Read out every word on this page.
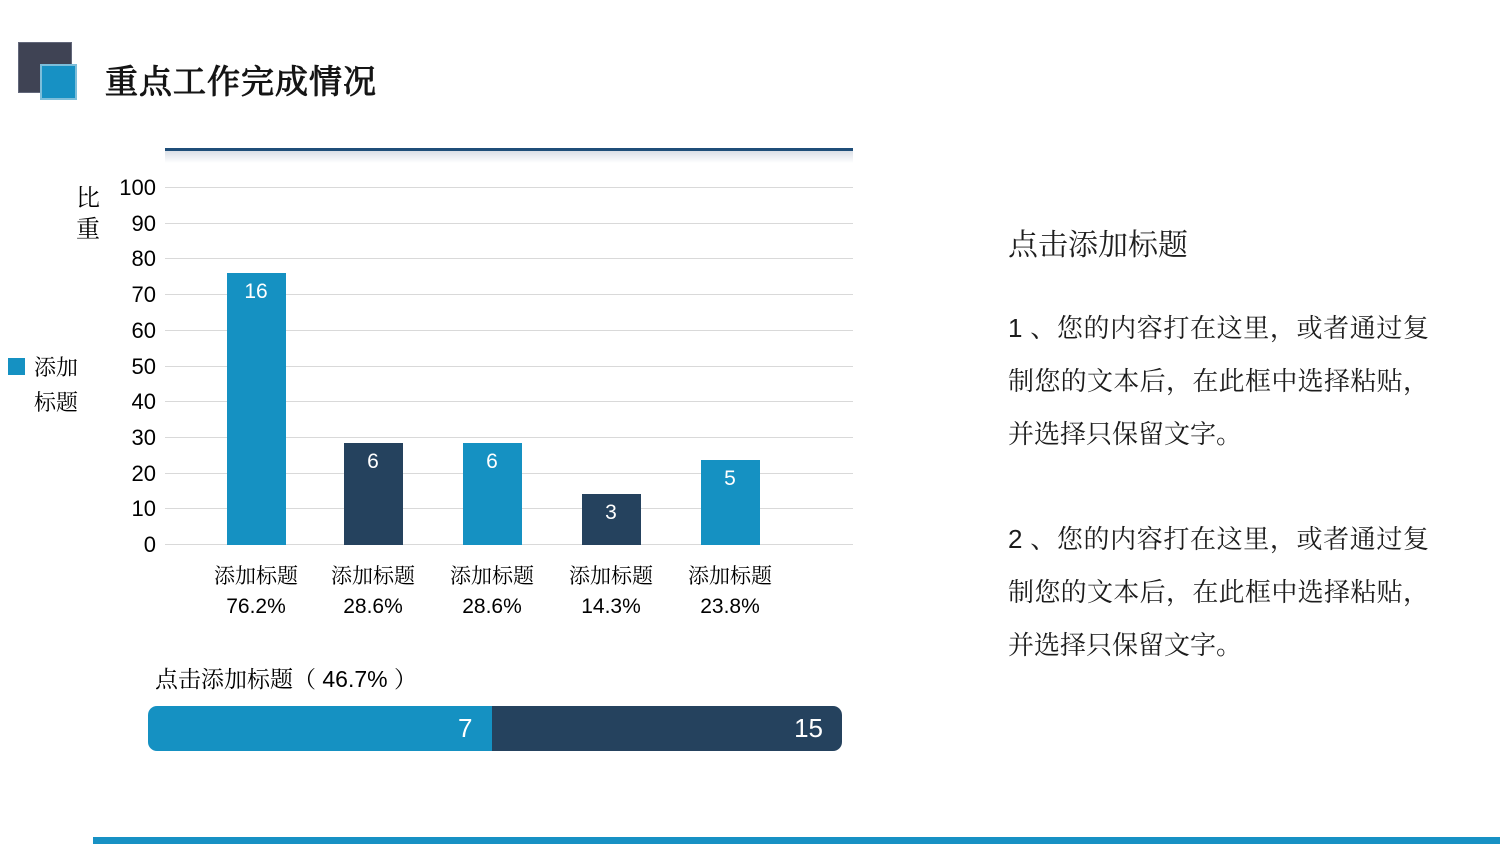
重点工作完成情况
比重
添加标题
0
10
20
30
40
50
60
70
80
90
100
16
添加标题
76.2%
6
添加标题
28.6%
6
添加标题
28.6%
3
添加标题
14.3%
5
添加标题
23.8%
点击添加标题（ 46.7% ）
7	15
点击添加标题

1 、您的内容打在这里，或者通过复制您的文本后，在此框中选择粘贴，并选择只保留文字。

2 、您的内容打在这里，或者通过复制您的文本后，在此框中选择粘贴，并选择只保留文字。
